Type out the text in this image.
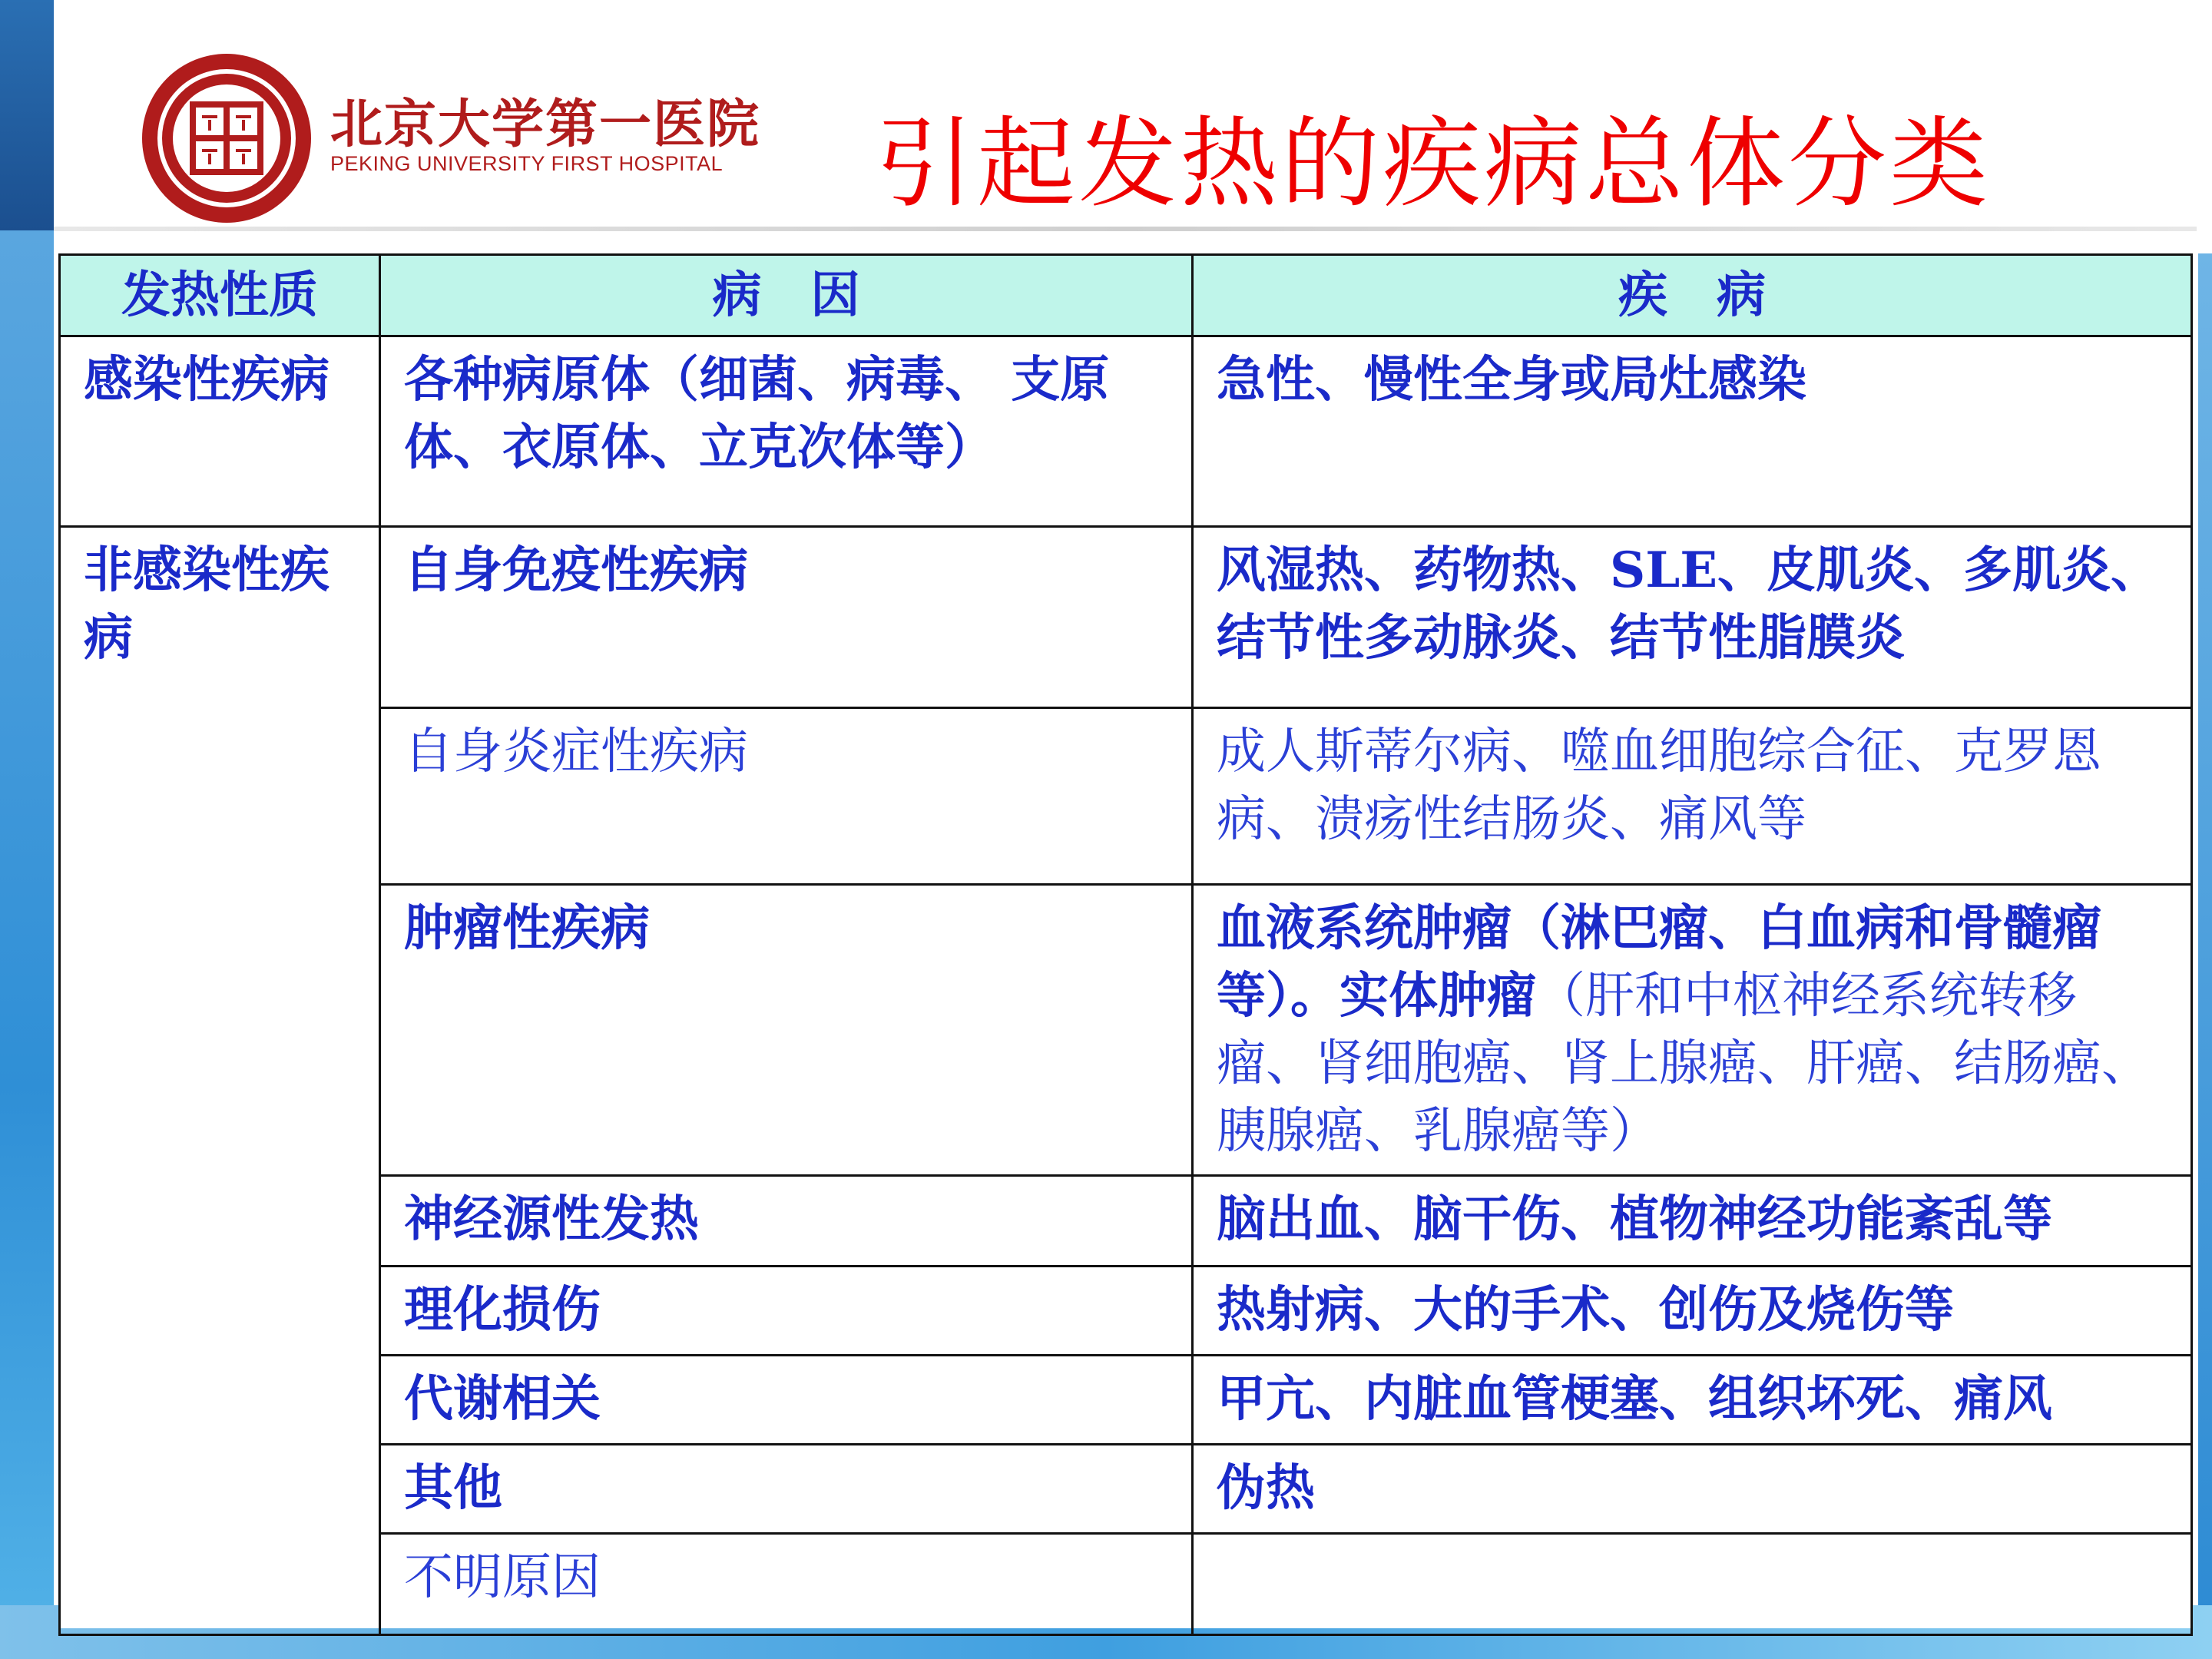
北京大学第一医院
PEKING UNIVERSITY FIRST HOSPITAL 引起发热的疾病总体分类
发热性质	病　因	疾　病
感染性疾病	各种病原体（细菌、病毒、 支原体、衣原体、立克次体等）	急性、慢性全身或局灶感染
非感染性疾病	自身免疫性疾病	风湿热、药物热、SLE、皮肌炎、多肌炎、结节性多动脉炎、结节性脂膜炎
	自身炎症性疾病	成人斯蒂尔病、噬血细胞综合征、克罗恩病、溃疡性结肠炎、痛风等
	肿瘤性疾病	血液系统肿瘤（淋巴瘤、白血病和骨髓瘤等）。实体肿瘤（肝和中枢神经系统转移瘤、肾细胞癌、肾上腺癌、肝癌、结肠癌、胰腺癌、乳腺癌等）
	神经源性发热	脑出血、脑干伤、植物神经功能紊乱等
	理化损伤	热射病、大的手术、创伤及烧伤等
	代谢相关	甲亢、内脏血管梗塞、组织坏死、痛风
	其他	伪热
	不明原因	
